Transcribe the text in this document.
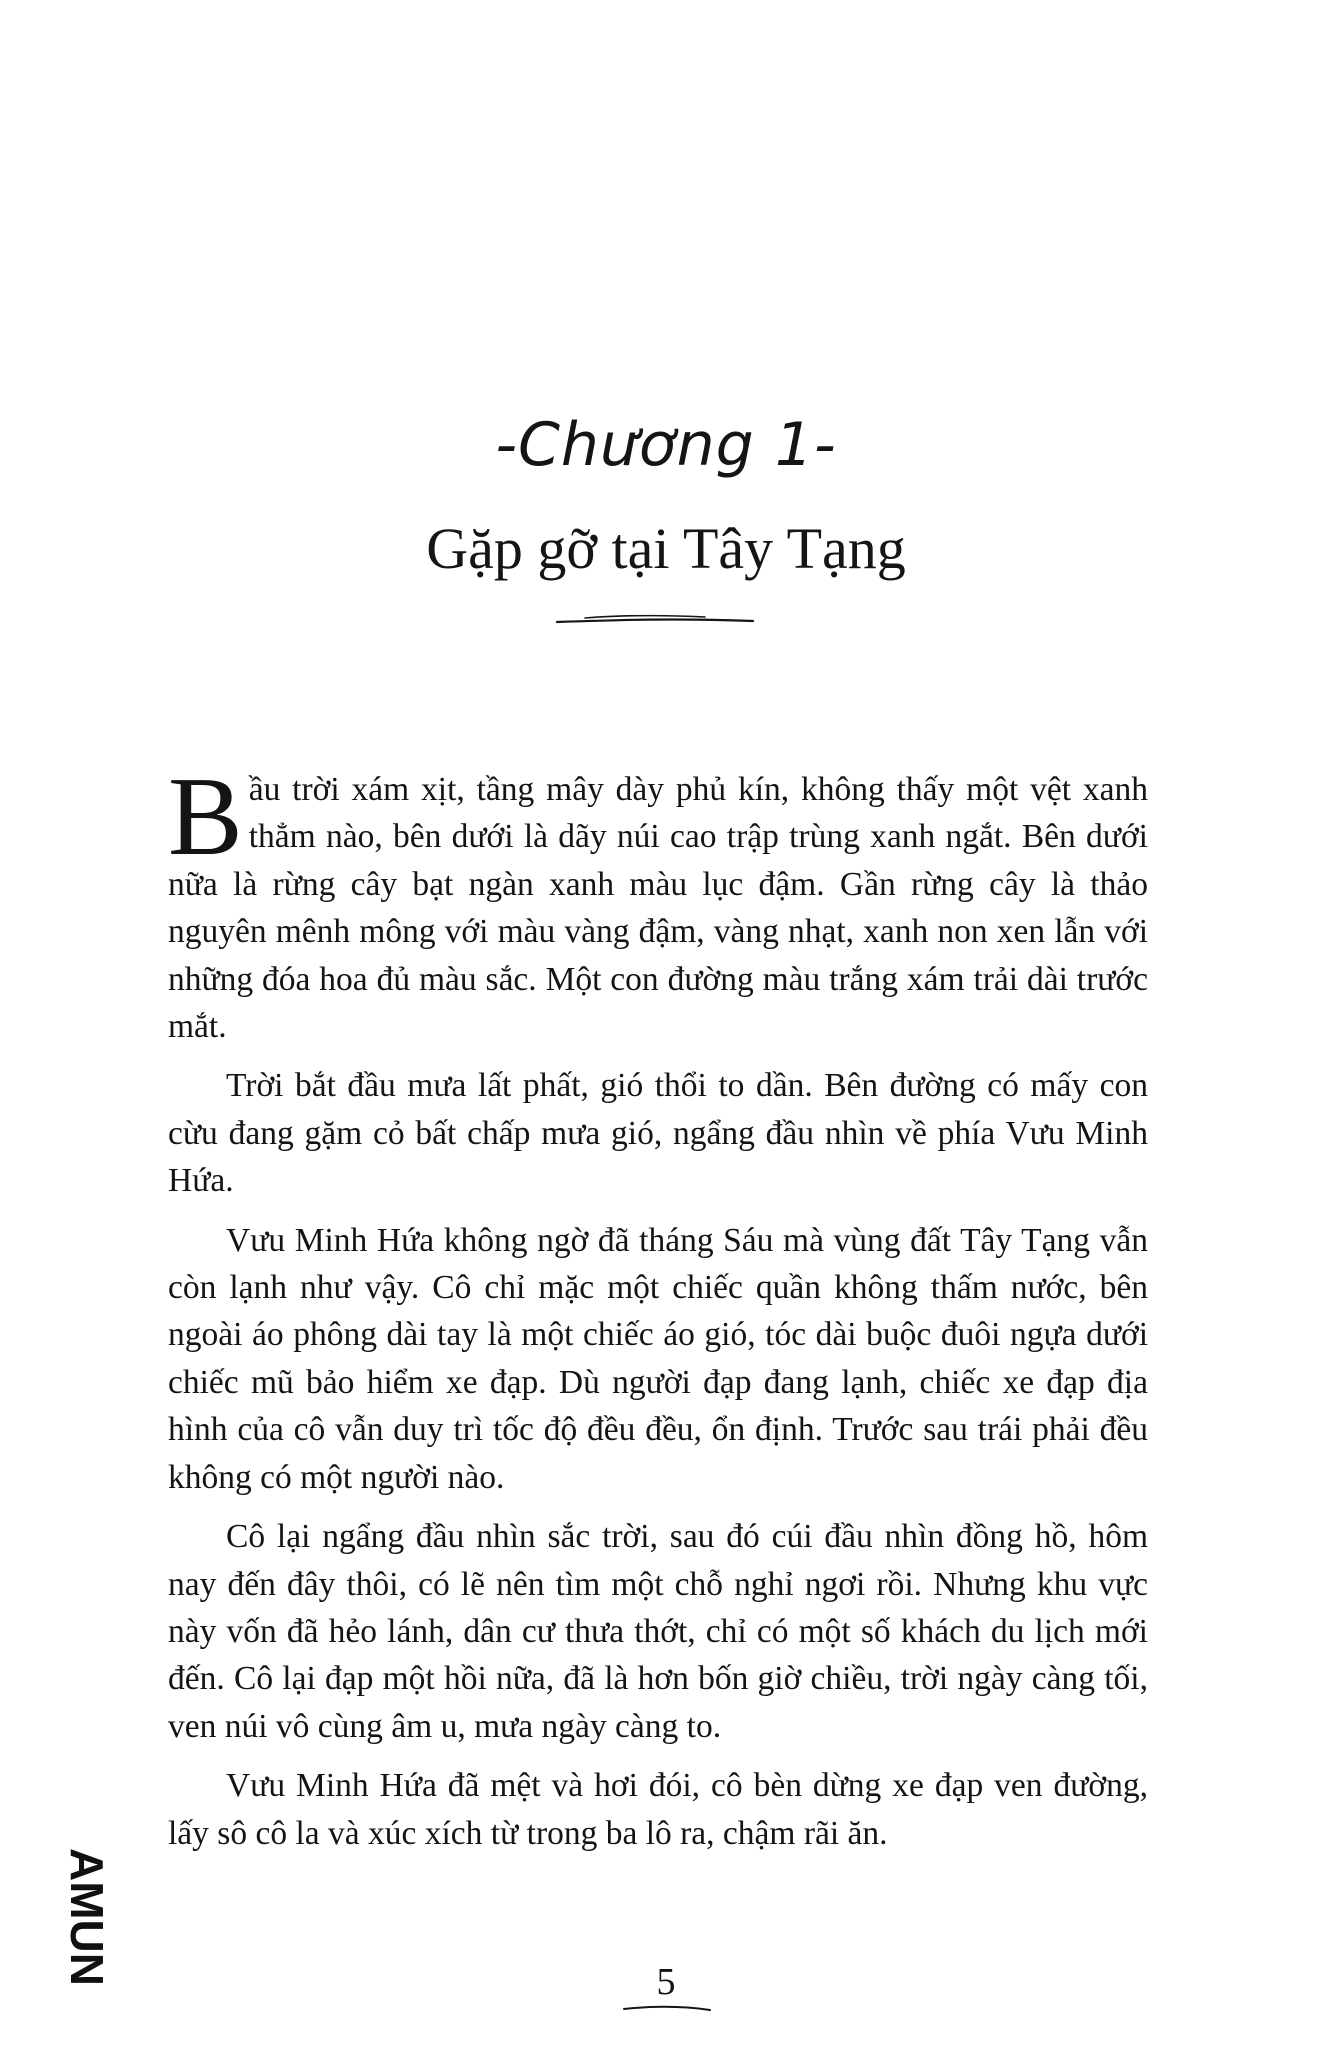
-Chương 1-
Gặp gỡ tại Tây Tạng

Bầu trời xám xịt, tầng mây dày phủ kín, không thấy một vệt xanh thẳm nào, bên dưới là dãy núi cao trập trùng xanh ngắt. Bên dưới nữa là rừng cây bạt ngàn xanh màu lục đậm. Gần rừng cây là thảo nguyên mênh mông với màu vàng đậm, vàng nhạt, xanh non xen lẫn với những đóa hoa đủ màu sắc. Một con đường màu trắng xám trải dài trước mắt.

Trời bắt đầu mưa lất phất, gió thổi to dần. Bên đường có mấy con cừu đang gặm cỏ bất chấp mưa gió, ngẩng đầu nhìn về phía Vưu Minh Hứa.

Vưu Minh Hứa không ngờ đã tháng Sáu mà vùng đất Tây Tạng vẫn còn lạnh như vậy. Cô chỉ mặc một chiếc quần không thấm nước, bên ngoài áo phông dài tay là một chiếc áo gió, tóc dài buộc đuôi ngựa dưới chiếc mũ bảo hiểm xe đạp. Dù người đạp đang lạnh, chiếc xe đạp địa hình của cô vẫn duy trì tốc độ đều đều, ổn định. Trước sau trái phải đều không có một người nào.

Cô lại ngẩng đầu nhìn sắc trời, sau đó cúi đầu nhìn đồng hồ, hôm nay đến đây thôi, có lẽ nên tìm một chỗ nghỉ ngơi rồi. Nhưng khu vực này vốn đã hẻo lánh, dân cư thưa thớt, chỉ có một số khách du lịch mới đến. Cô lại đạp một hồi nữa, đã là hơn bốn giờ chiều, trời ngày càng tối, ven núi vô cùng âm u, mưa ngày càng to.

Vưu Minh Hứa đã mệt và hơi đói, cô bèn dừng xe đạp ven đường, lấy sô cô la và xúc xích từ trong ba lô ra, chậm rãi ăn.

AMUN	5
